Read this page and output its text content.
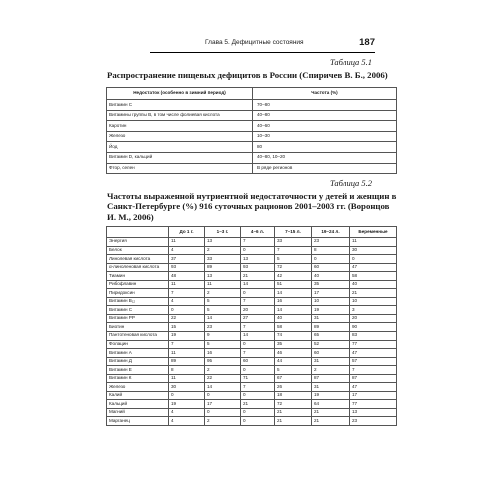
Глава 5. Дефицитные состояния	187
Таблица 5.1
Распространение пищевых дефицитов в России (Спиричев В. Б., 2006)
Недостаток (особенно в зимний период)	Частота (%)
Витамин С	70–80
Витамины группы В, в том числе фолиевая кислота	40–80
Каротин	40–60
Железо	10–30
Йод	80
Витамин D, кальций	40–80, 10–20
Фтор, селен	В ряде регионов
Таблица 5.2
Частоты выраженной нутриентной недостаточности у детей и женщин в Санкт-Петербурге (%) 916 суточных рационов 2001–2003 гг. (Воронцов И. М., 2006)
	До 1 г.	1–3 г.	4–6 л.	7–15 л.	19–24 л.	Беременные
Энергия	11	13	7	33	23	11
Белок	4	2	0	7	8	30
Линолевая кислота	37	33	13	5	0	0
α-линоленовая кислота	93	89	93	72	60	47
Тиамин	48	13	21	42	40	58
Рибофлавин	11	11	14	51	35	40
Пиридоксин	7	2	0	14	17	21
Витамин B₁₂	4	5	7	16	10	10
Витамин С	0	5	20	14	19	3
Витамин PP	22	14	27	40	31	20
Биотин	15	23	7	58	89	90
Пантотеновая кислота	19	9	14	74	65	83
Фолацин	7	5	0	35	52	77
Витамин А	11	16	7	46	60	47
Витамин Д	89	95	60	44	31	57
Витамин Е	8	2	0	5	2	7
Витамин К	11	22	71	67	87	87
Железо	30	14	7	26	31	47
Калий	0	0	0	18	19	17
Кальций	19	17	21	72	64	77
Магний	4	0	0	21	21	13
Марганец	4	2	0	21	21	23
